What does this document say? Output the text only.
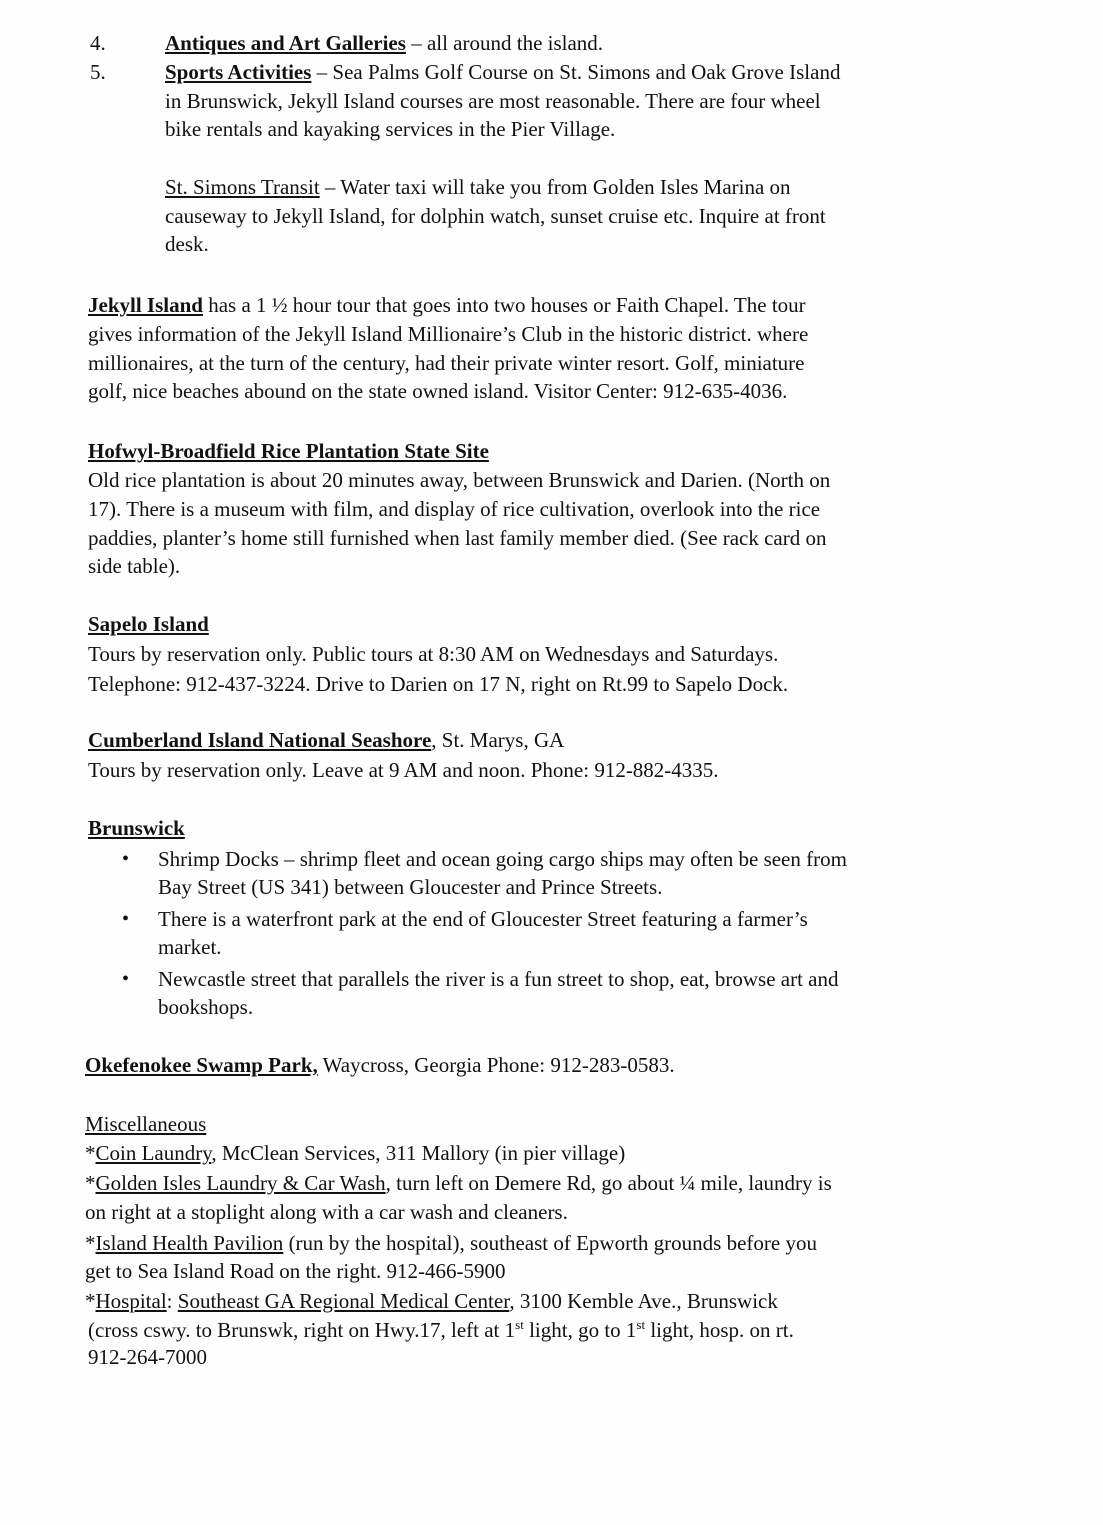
4.	Antiques and Art Galleries – all around the island.
5.	Sports Activities – Sea Palms Golf Course on St. Simons and Oak Grove Island
in Brunswick, Jekyll Island courses are most reasonable. There are four wheel
bike rentals and kayaking services in the Pier Village.
St. Simons Transit – Water taxi will take you from Golden Isles Marina on
causeway to Jekyll Island, for dolphin watch, sunset cruise etc. Inquire at front
desk.
Jekyll Island has a 1 ½ hour tour that goes into two houses or Faith Chapel. The tour
gives information of the Jekyll Island Millionaire’s Club in the historic district. where
millionaires, at the turn of the century, had their private winter resort. Golf, miniature
golf, nice beaches abound on the state owned island. Visitor Center: 912-635-4036.
Hofwyl-Broadfield Rice Plantation State Site
Old rice plantation is about 20 minutes away, between Brunswick and Darien. (North on
17). There is a museum with film, and display of rice cultivation, overlook into the rice
paddies, planter’s home still furnished when last family member died. (See rack card on
side table).
Sapelo Island
Tours by reservation only. Public tours at 8:30 AM on Wednesdays and Saturdays.
Telephone: 912-437-3224. Drive to Darien on 17 N, right on Rt.99 to Sapelo Dock.
Cumberland Island National Seashore, St. Marys, GA
Tours by reservation only. Leave at 9 AM and noon. Phone: 912-882-4335.
Brunswick
• Shrimp Docks – shrimp fleet and ocean going cargo ships may often be seen from
Bay Street (US 341) between Gloucester and Prince Streets.
• There is a waterfront park at the end of Gloucester Street featuring a farmer’s
market.
• Newcastle street that parallels the river is a fun street to shop, eat, browse art and
bookshops.
Okefenokee Swamp Park, Waycross, Georgia Phone: 912-283-0583.
Miscellaneous
*Coin Laundry, McClean Services, 311 Mallory (in pier village)
*Golden Isles Laundry & Car Wash, turn left on Demere Rd, go about ¼ mile, laundry is
on right at a stoplight along with a car wash and cleaners.
*Island Health Pavilion (run by the hospital), southeast of Epworth grounds before you
get to Sea Island Road on the right. 912-466-5900
*Hospital: Southeast GA Regional Medical Center, 3100 Kemble Ave., Brunswick
(cross cswy. to Brunswk, right on Hwy.17, left at 1st light, go to 1st light, hosp. on rt.
912-264-7000
